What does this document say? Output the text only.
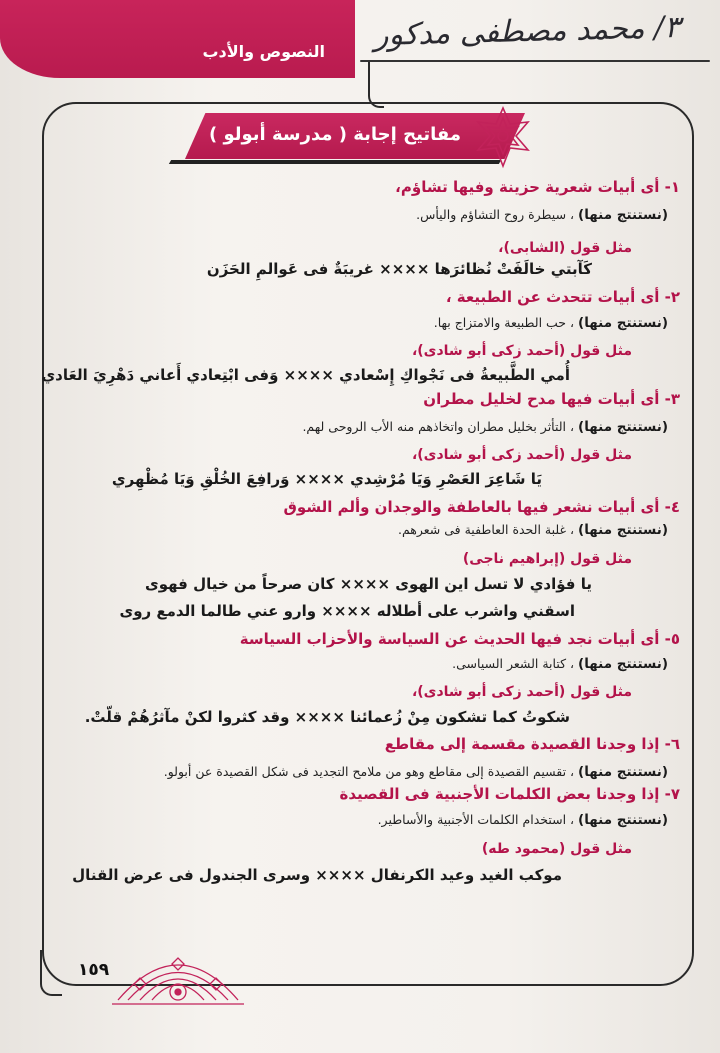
النصوص والأدب ٣/ محمد مصطفى مدكور
مفاتيح إجابة ( مدرسة أبولو )
١- أى أبيات شعرية حزينة وفيها تشاؤم،
(نستنتج منها) ، سيطرة روح التشاؤم واليأس.
مثل قول (الشابى)،
كَآبتي خالَفَتْ نُظائرَها ×××× غريبَةٌ فى عَوالمِ الحَزَن
٢- أى أبيات تتحدث عن الطبيعة ،
(نستنتج منها) ، حب الطبيعة والامتزاج بها.
مثل قول (أحمد زكى أبو شادى)،
أُمي الطَّبيعةُ فى نَجْواكِ إِسْعادي ×××× وَفى ابْتِعادي أَعاني دَهْرِيَ العَادي
٣- أى أبيات فيها مدح لخليل مطران
(نستنتج منها) ، التأثر بخليل مطران واتخاذهم منه الأب الروحى لهم.
مثل قول (أحمد زكى أبو شادى)،
يَا شَاعِرَ العَصْرِ وَيَا مُرْشِدي ×××× وَرافِعَ الخُلْقِ وَيَا مُظْهِري
٤- أى أبيات نشعر فيها بالعاطفة والوجدان وألم الشوق
(نستنتج منها) ، غلبة الحدة العاطفية فى شعرهم.
مثل قول (إبراهيم ناجى)
يا فؤادي لا تسل اين الهوى ×××× كان صرحاً من خيال فهوى
اسقني واشرب على أطلاله ×××× وارو عني طالما الدمع روى
٥- أى أبيات نجد فيها الحديث عن السياسة والأحزاب السياسة
(نستنتج منها) ، كتابة الشعر السياسى.
مثل قول (أحمد زكى أبو شادى)،
شكوتُ كما تشكون مِنْ زُعمائنا ×××× وقد كثروا لكنْ مآثرُهُمْ قلّتْ.
٦- إذا وجدنا القصيدة مقسمة إلى مقاطع
(نستنتج منها) ، تقسيم القصيدة إلى مقاطع وهو من ملامح التجديد فى شكل القصيدة عن أبولو.
٧- إذا وجدنا بعض الكلمات الأجنبية فى القصيدة
(نستنتج منها) ، استخدام الكلمات الأجنبية والأساطير.
مثل قول (محمود طه)
موكب الغيد وعيد الكرنفال ×××× وسرى الجندول فى عرض القنال
١٥٩
